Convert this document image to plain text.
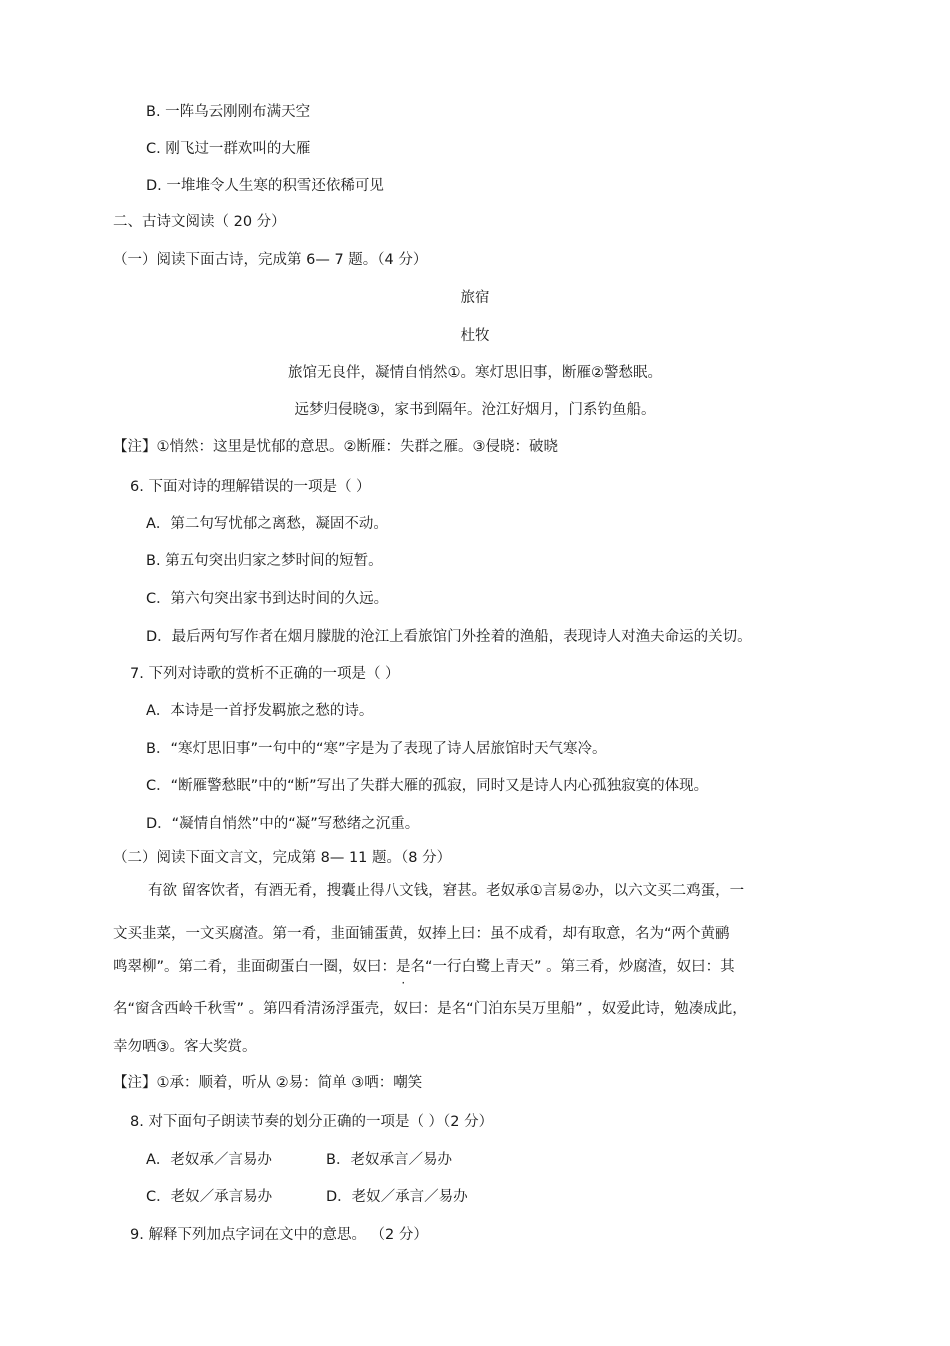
B. 一阵乌云刚刚布满天空
C. 刚飞过一群欢叫的大雁
D. 一堆堆令人生寒的积雪还依稀可见
二、古诗文阅读（ 20 分）
（一）阅读下面古诗，完成第 6— 7 题。（4 分）
旅宿
杜牧
旅馆无良伴，凝情自悄然①。寒灯思旧事，断雁②警愁眠。
远梦归侵晓③，家书到隔年。沧江好烟月，门系钓鱼船。
【注】①悄然：这里是忧郁的意思。②断雁：失群之雁。③侵晓：破晓
6. 下面对诗的理解错误的一项是（ ）
A．第二句写忧郁之离愁，凝固不动。
B. 第五句突出归家之梦时间的短暂。
C．第六句突出家书到达时间的久远。
D．最后两句写作者在烟月朦胧的沧江上看旅馆门外拴着的渔船，表现诗人对渔夫命运的关切。
7. 下列对诗歌的赏析不正确的一项是（ ）
A．本诗是一首抒发羁旅之愁的诗。
B．“寒灯思旧事”一句中的“寒”字是为了表现了诗人居旅馆时天气寒冷。
C．“断雁警愁眠”中的“断”写出了失群大雁的孤寂，同时又是诗人内心孤独寂寞的体现。
D．“凝情自悄然”中的“凝”写愁绪之沉重。
（二）阅读下面文言文，完成第 8— 11 题。（8 分）
有欲 留客饮者，有酒无肴，搜囊止得八文钱，窘甚。老奴承①言易②办，以六文买二鸡蛋，一
文买韭菜，一文买腐渣。第一肴，韭面铺蛋黄，奴捧上曰：虽不成肴，却有取意，名为“两个黄鹂
鸣翠柳”。第二肴，韭面砌蛋白一圈，奴曰：是名“一行白鹭上青天” 。第三肴，炒腐渣，奴曰：其
名“窗含西岭千秋雪” 。第四肴清汤浮蛋壳，奴曰：是名“门泊东吴万里船” ，奴爱此诗，勉凑成此，
幸勿哂③。客大奖赏。
【注】①承：顺着，听从 ②易：简单 ③哂：嘲笑
8. 对下面句子朗读节奏的划分正确的一项是（ ）（2 分）
A．老奴承／言易办	B．老奴承言／易办
C．老奴／承言易办	D．老奴／承言／易办
9. 解释下列加点字词在文中的意思。 （2 分）
